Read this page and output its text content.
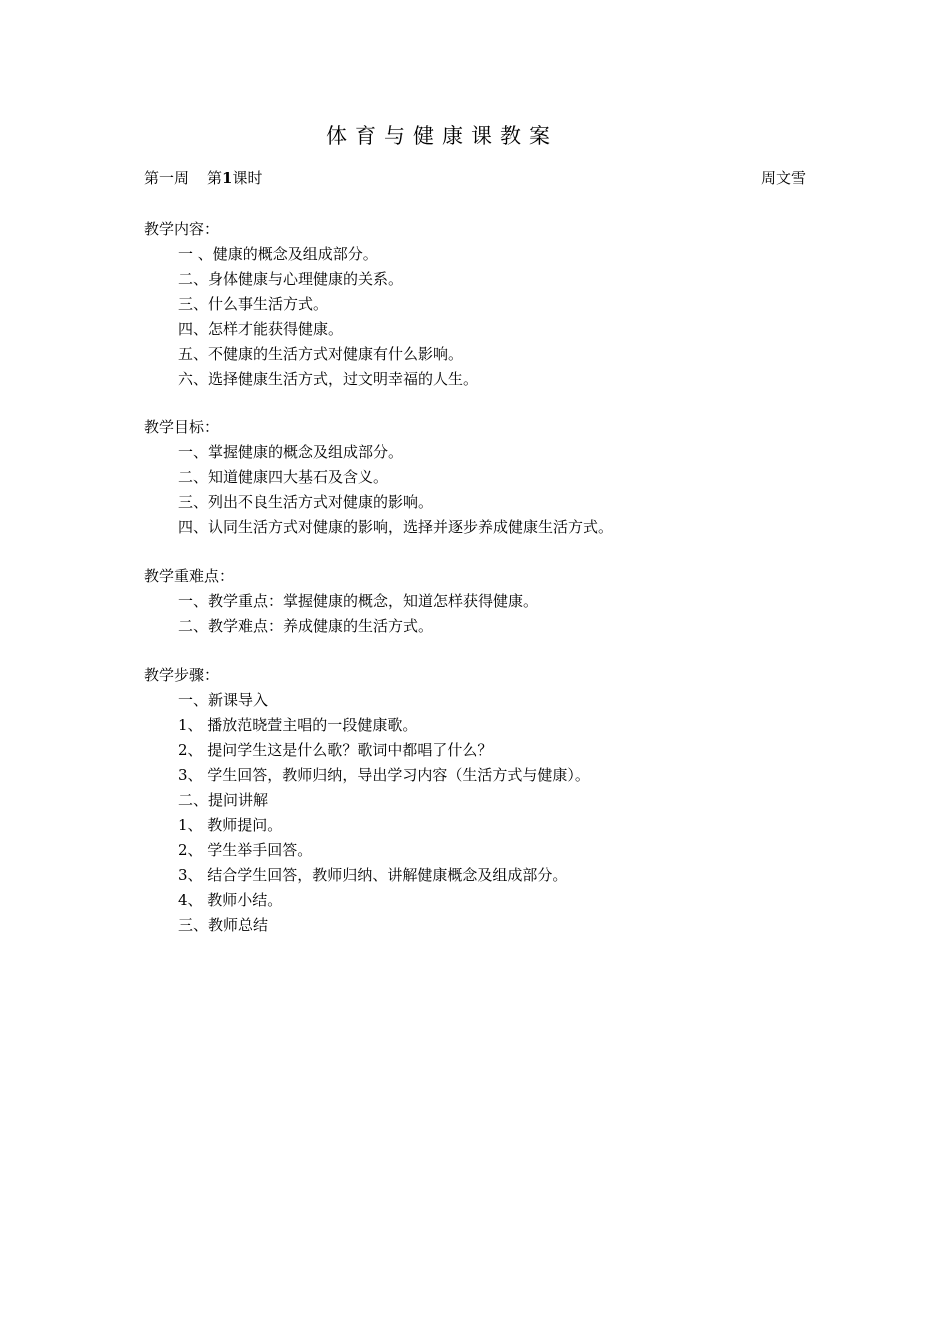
体育与健康课教案
第一周 第1课时	周文雪
教学内容：
一 、健康的概念及组成部分。
二、身体健康与心理健康的关系。
三、什么事生活方式。
四、怎样才能获得健康。
五、不健康的生活方式对健康有什么影响。
六、选择健康生活方式，过文明幸福的人生。
教学目标：
一、掌握健康的概念及组成部分。
二、知道健康四大基石及含义。
三、列出不良生活方式对健康的影响。
四、认同生活方式对健康的影响，选择并逐步养成健康生活方式。
教学重难点：
一、教学重点：掌握健康的概念，知道怎样获得健康。
二、教学难点：养成健康的生活方式。
教学步骤：
一、新课导入
1、 播放范晓萱主唱的一段健康歌。
2、 提问学生这是什么歌？歌词中都唱了什么？
3、 学生回答，教师归纳，导出学习内容（生活方式与健康）。
二、提问讲解
1、 教师提问。
2、 学生举手回答。
3、 结合学生回答，教师归纳、讲解健康概念及组成部分。
4、 教师小结。
三、教师总结
